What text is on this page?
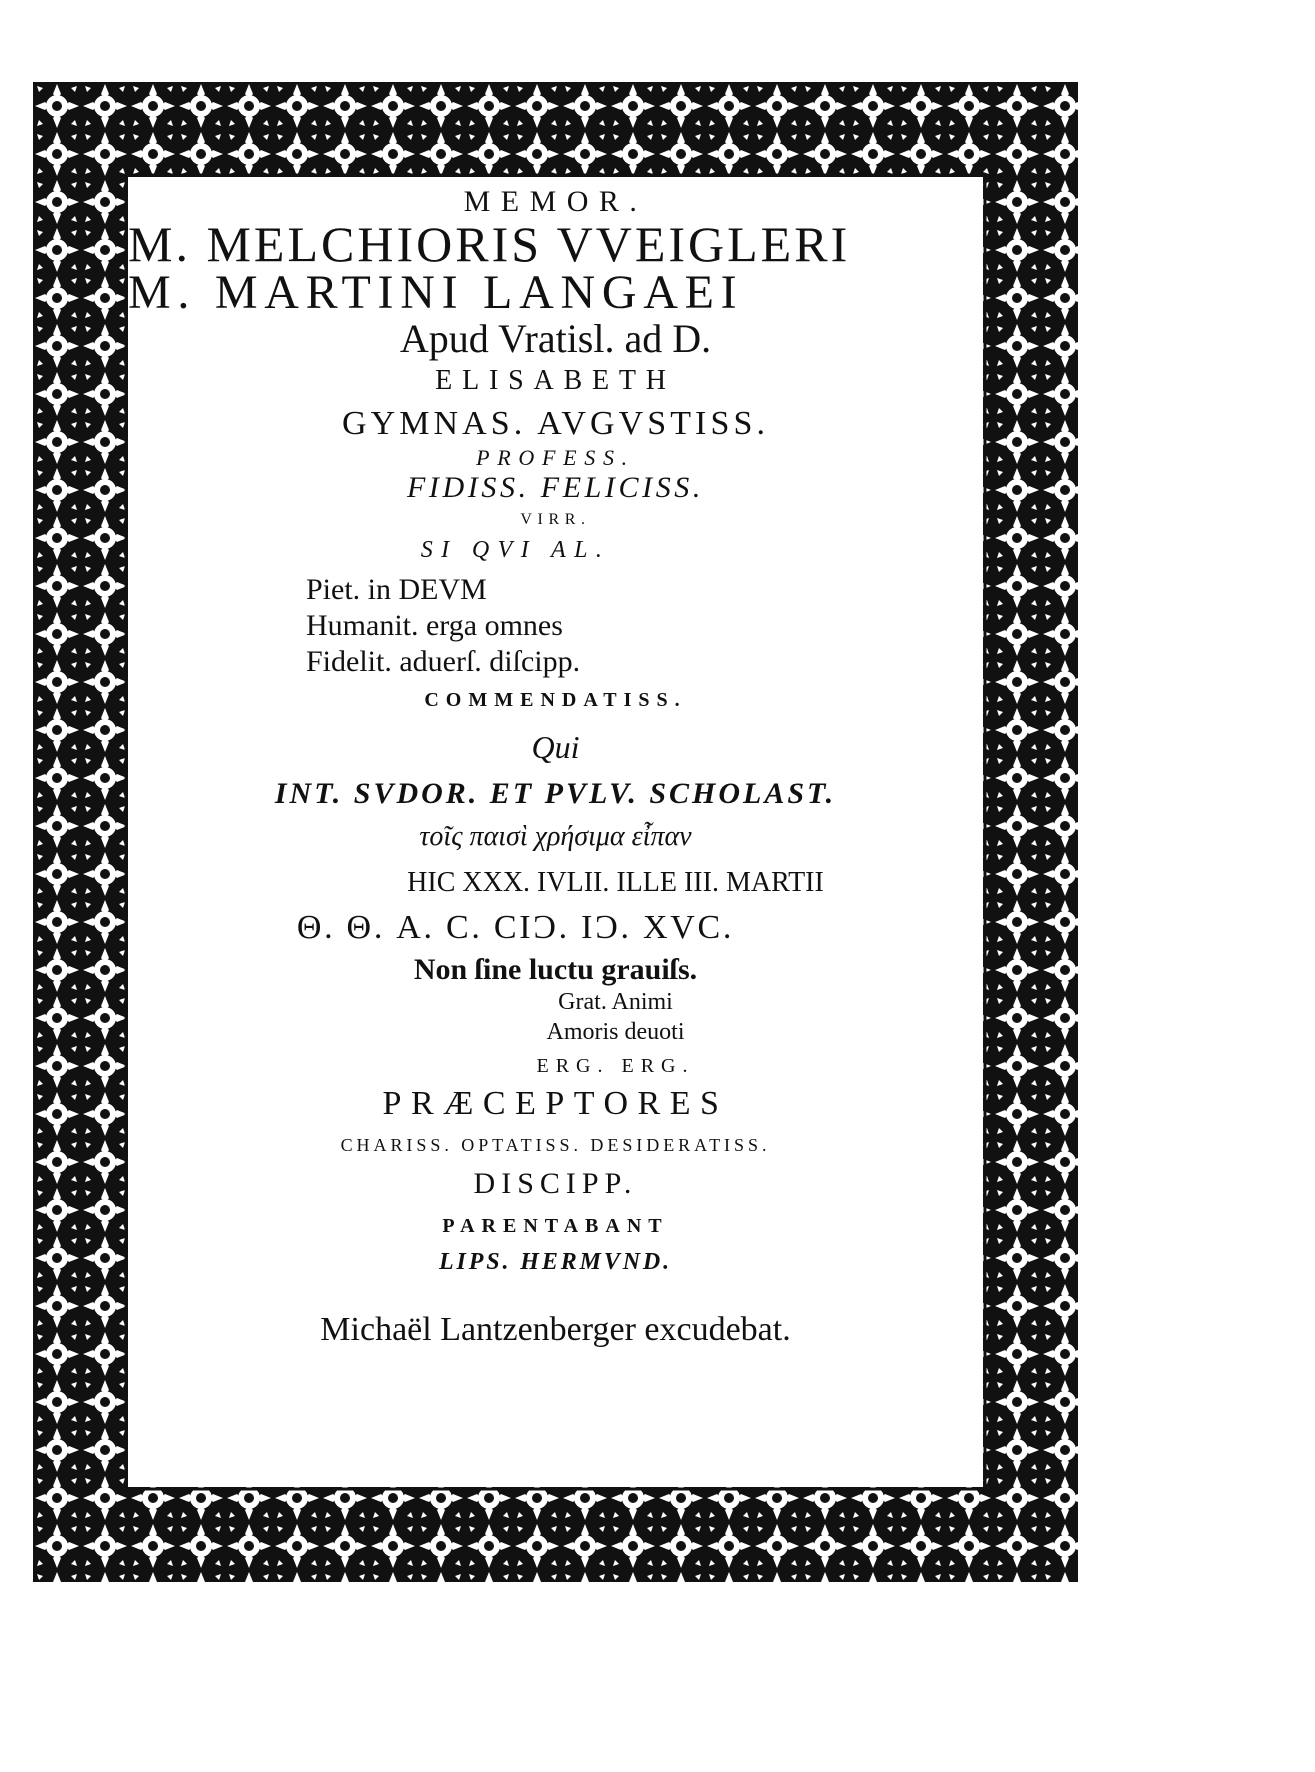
MEMOR.
M. MELCHIORIS VVEIGLERI
M. MARTINI LANGAEI
Apud Vratisl. ad D.
ELISABETH
GYMNAS. AVGVSTISS.
PROFESS.
FIDISS. FELICISS.
VIRR.
SI QVI AL.
Piet. in DEVM
Humanit. erga omnes
Fidelit. aduerſ. diſcipp.
COMMENDATISS.
Qui
INT. SVDOR. ET PVLV. SCHOLAST.
τοῖς παισὶ χρήσιμα εἶπαν
HIC XXX. IVLII. ILLE III. MARTII
Θ. Θ. A. C. CIƆ. IƆ. XVC.
Non ſine luctu grauiſs.
Grat. Animi
Amoris deuoti
ERG. ERG.
PRÆCEPTORES
CHARISS. OPTATISS. DESIDERATISS.
DISCIPP.
PARENTABANT
LIPS. HERMVND.
Michaël Lantzenberger excudebat.
